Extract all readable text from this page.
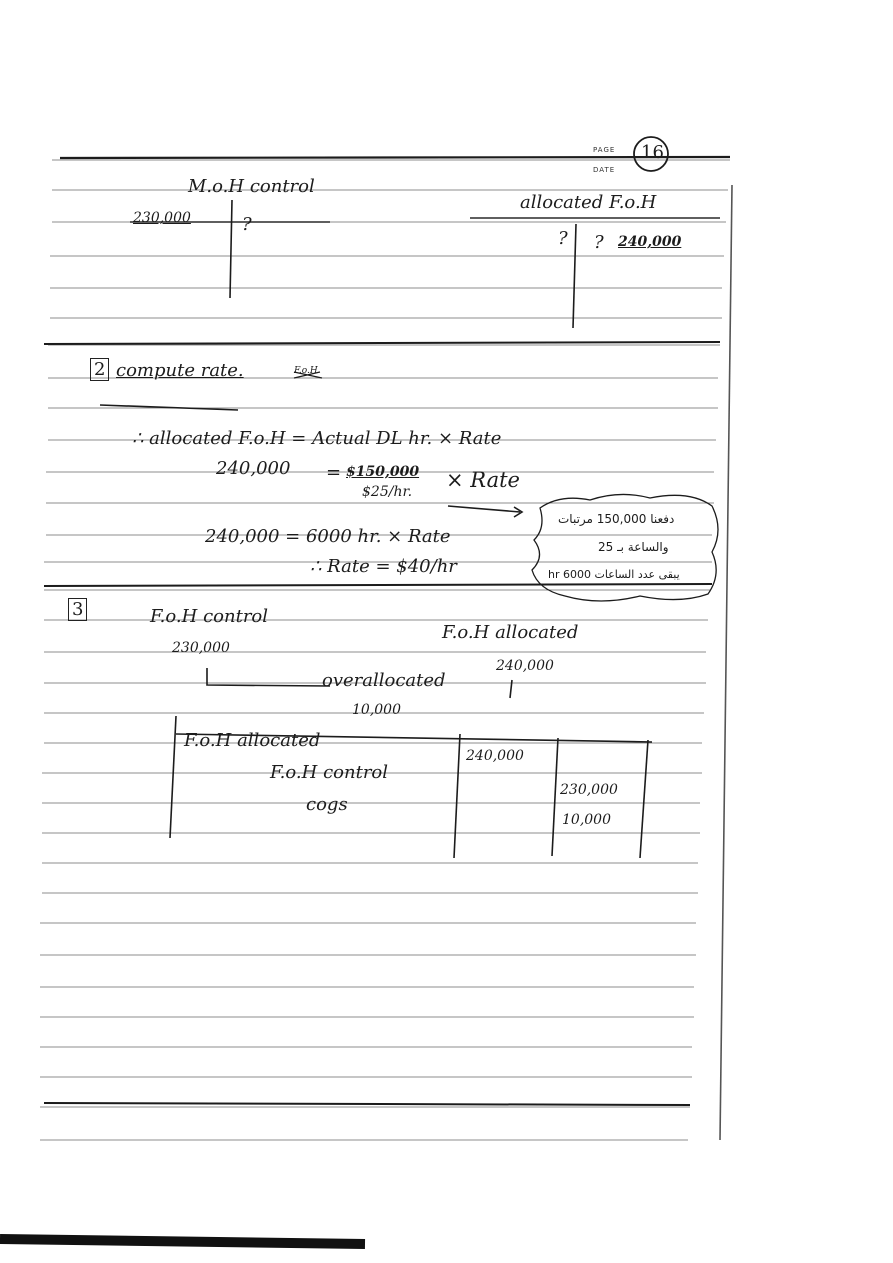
PAGE
DATE
16
M.o.H control
allocated F.o.H
230,000	?
? ? 240,000
2 compute rate.	F.o.H
∴ allocated F.o.H = Actual DL hr. × Rate
240,000 = $150,000
$25/hr. × Rate
240,000 = 6000 hr. × Rate
∴ Rate = $40/hr
دفعنا 150,000 مرتبات
والساعة بـ 25
يبقى عدد الساعات 6000 hr
3	F.o.H control
F.o.H allocated
230,000
240,000
overallocated
10,000
F.o.H allocated
240,000
F.o.H control
230,000
cogs
10,000
